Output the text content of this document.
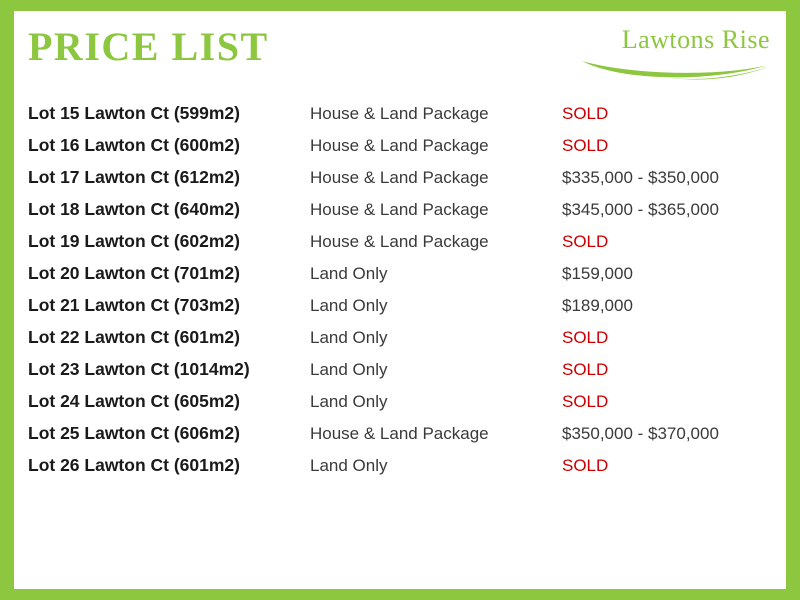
PRICE LIST	Lawtons Rise
Lot 15 Lawton Ct (599m2)	House & Land Package	SOLD
Lot 16 Lawton Ct (600m2)	House & Land Package	SOLD
Lot 17 Lawton Ct (612m2)	House & Land Package	$335,000 - $350,000
Lot 18 Lawton Ct (640m2)	House & Land Package	$345,000 - $365,000
Lot 19 Lawton Ct (602m2)	House & Land Package	SOLD
Lot 20 Lawton Ct (701m2)	Land Only	$159,000
Lot 21 Lawton Ct (703m2)	Land Only	$189,000
Lot 22 Lawton Ct (601m2)	Land Only	SOLD
Lot 23 Lawton Ct (1014m2)	Land Only	SOLD
Lot 24 Lawton Ct (605m2)	Land Only	SOLD
Lot 25 Lawton Ct (606m2)	House & Land Package	$350,000 - $370,000
Lot 26 Lawton Ct (601m2)	Land Only	SOLD
